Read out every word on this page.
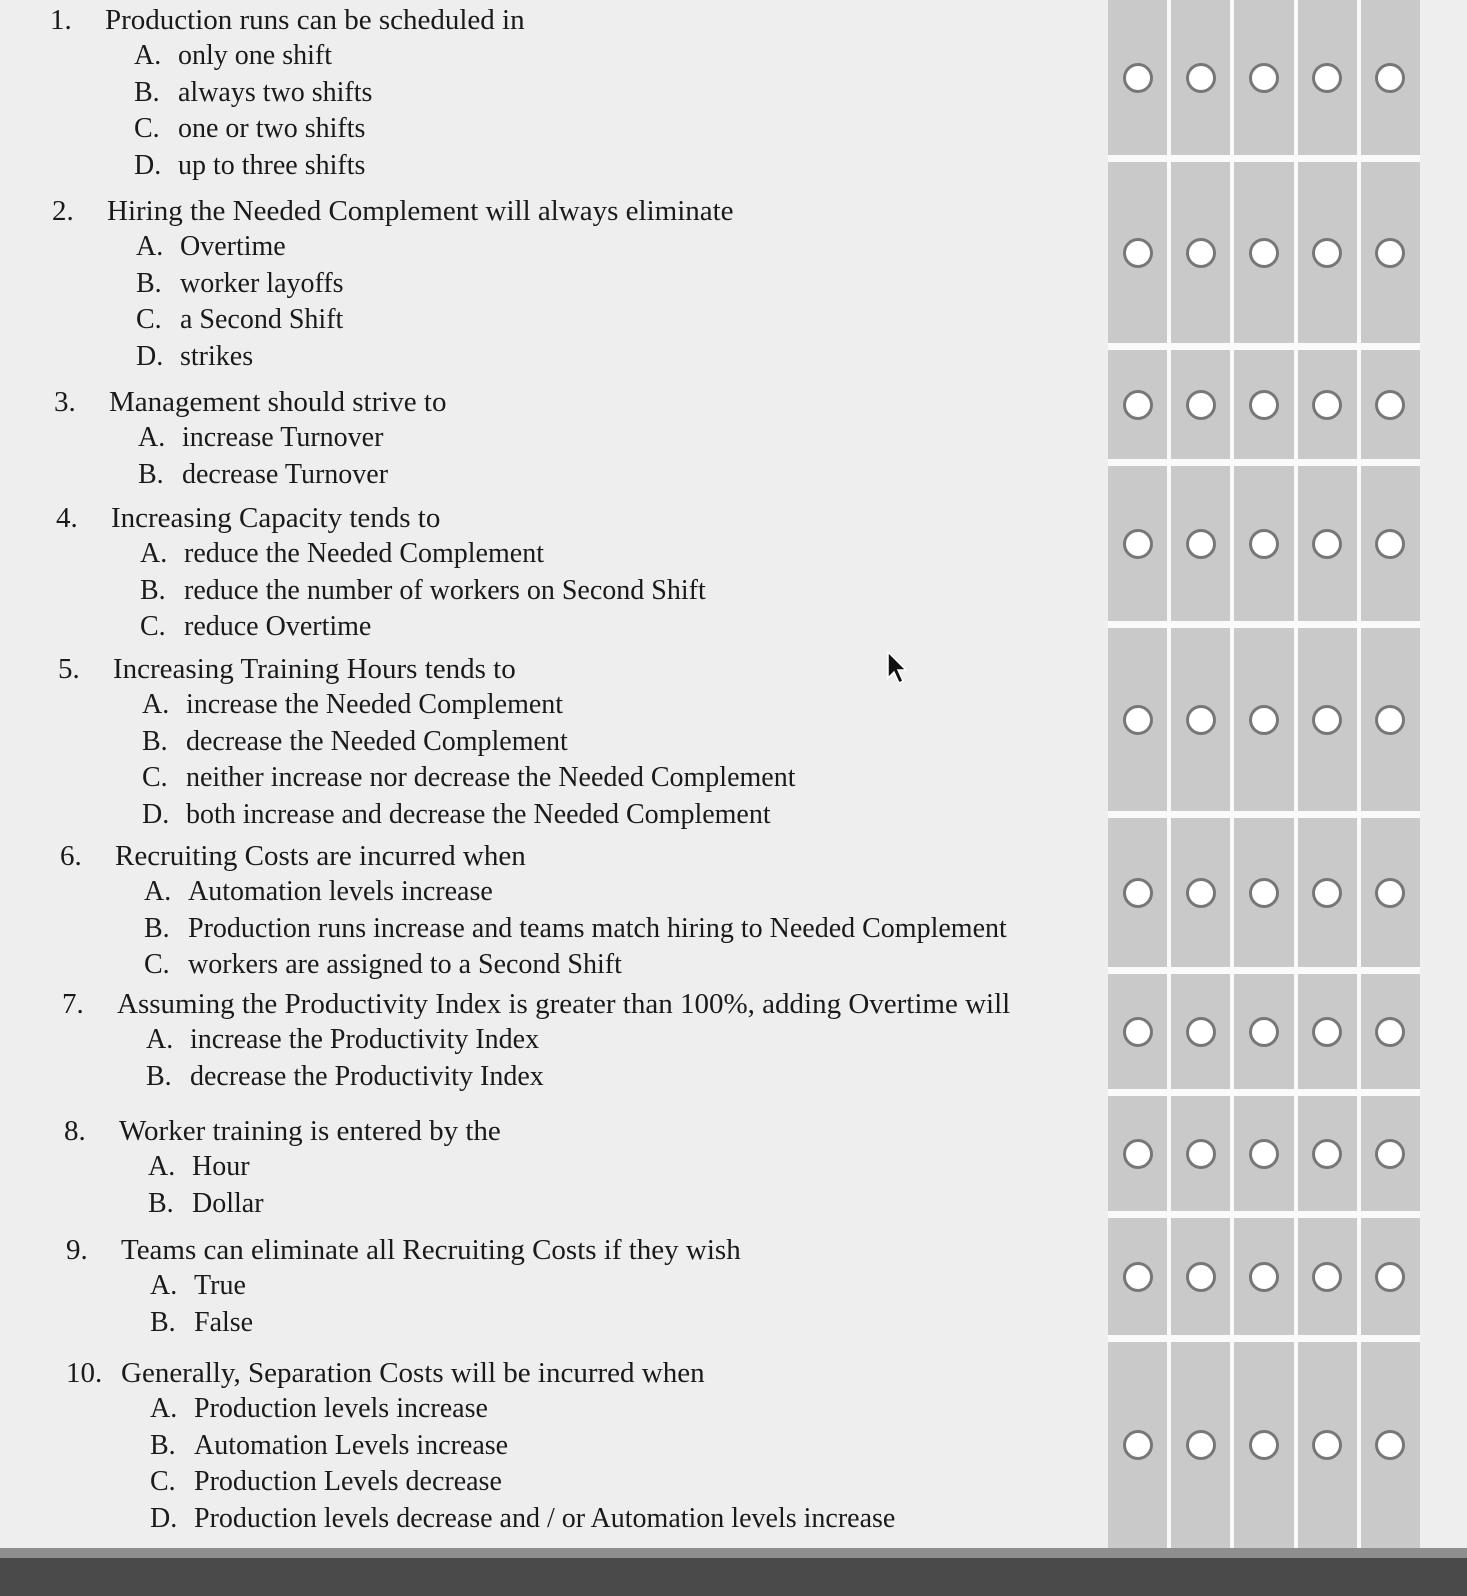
1.	Production runs can be scheduled in
A. only one shift
B. always two shifts
C. one or two shifts
D. up to three shifts
2.	Hiring the Needed Complement will always eliminate
A. Overtime
B. worker layoffs
C. a Second Shift
D. strikes
3.	Management should strive to
A. increase Turnover
B. decrease Turnover
4.	Increasing Capacity tends to
A. reduce the Needed Complement
B. reduce the number of workers on Second Shift
C. reduce Overtime
5.	Increasing Training Hours tends to
A. increase the Needed Complement
B. decrease the Needed Complement
C. neither increase nor decrease the Needed Complement
D. both increase and decrease the Needed Complement
6.	Recruiting Costs are incurred when
A. Automation levels increase
B. Production runs increase and teams match hiring to Needed Complement
C. workers are assigned to a Second Shift
7.	Assuming the Productivity Index is greater than 100%, adding Overtime will
A. increase the Productivity Index
B. decrease the Productivity Index
8.	Worker training is entered by the
A. Hour
B. Dollar
9.	Teams can eliminate all Recruiting Costs if they wish
A. True
B. False
10. Generally, Separation Costs will be incurred when
A. Production levels increase
B. Automation Levels increase
C. Production Levels decrease
D. Production levels decrease and / or Automation levels increase
